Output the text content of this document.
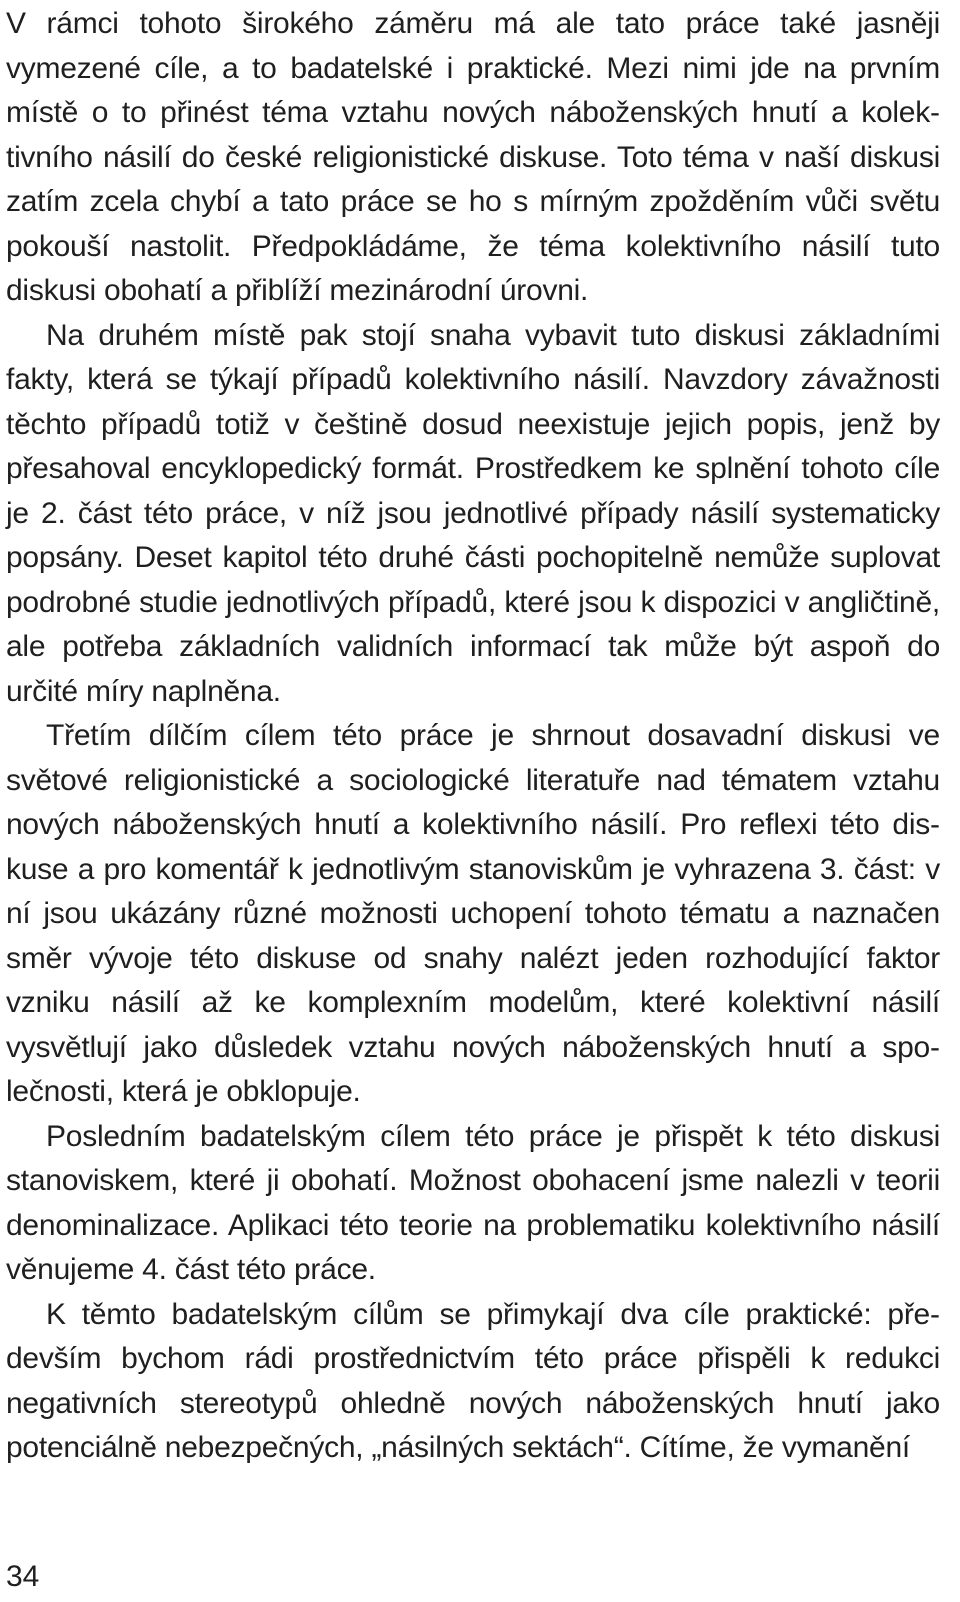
V rámci tohoto širokého záměru má ale tato práce také jasněji vymezené cíle, a to badatelské i praktické. Mezi nimi jde na prvním místě o to přinést téma vztahu nových náboženských hnutí a kolektivního násilí do české religionistické diskuse. Toto téma v naší diskusi zatím zcela chybí a tato práce se ho s mírným zpožděním vůči světu pokouší nastolit. Předpokládáme, že téma kolektivního násilí tuto diskusi obohatí a přiblíží mezinárodní úrovni.

Na druhém místě pak stojí snaha vybavit tuto diskusi základními fakty, která se týkají případů kolektivního násilí. Navzdory závažnosti těchto případů totiž v češtině dosud neexistuje jejich popis, jenž by přesahoval encyklopedický formát. Prostředkem ke splnění tohoto cíle je 2. část této práce, v níž jsou jednotlivé případy násilí systematicky popsány. Deset kapitol této druhé části pochopitelně nemůže suplovat podrobné studie jednotlivých případů, které jsou k dispozici v angličtině, ale potřeba základních validních informací tak může být aspoň do určité míry naplněna.

Třetím dílčím cílem této práce je shrnout dosavadní diskusi ve světové religionistické a sociologické literatuře nad tématem vztahu nových náboženských hnutí a kolektivního násilí. Pro reflexi této diskuse a pro komentář k jednotlivým stanoviskům je vyhrazena 3. část: v ní jsou ukázány různé možnosti uchopení tohoto tématu a naznačen směr vývoje této diskuse od snahy nalézt jeden rozhodující faktor vzniku násilí až ke komplexním modelům, které kolektivní násilí vysvětlují jako důsledek vztahu nových náboženských hnutí a společnosti, která je obklopuje.

Posledním badatelským cílem této práce je přispět k této diskusi stanoviskem, které ji obohatí. Možnost obohacení jsme nalezli v teorii denominalizace. Aplikaci této teorie na problematiku kolektivního násilí věnujeme 4. část této práce.

K těmto badatelským cílům se přimykají dva cíle praktické: především bychom rádi prostřednictvím této práce přispěli k redukci negativních stereotypů ohledně nových náboženských hnutí jako potenciálně nebezpečných, „násilných sektách“. Cítíme, že vymanění

34
